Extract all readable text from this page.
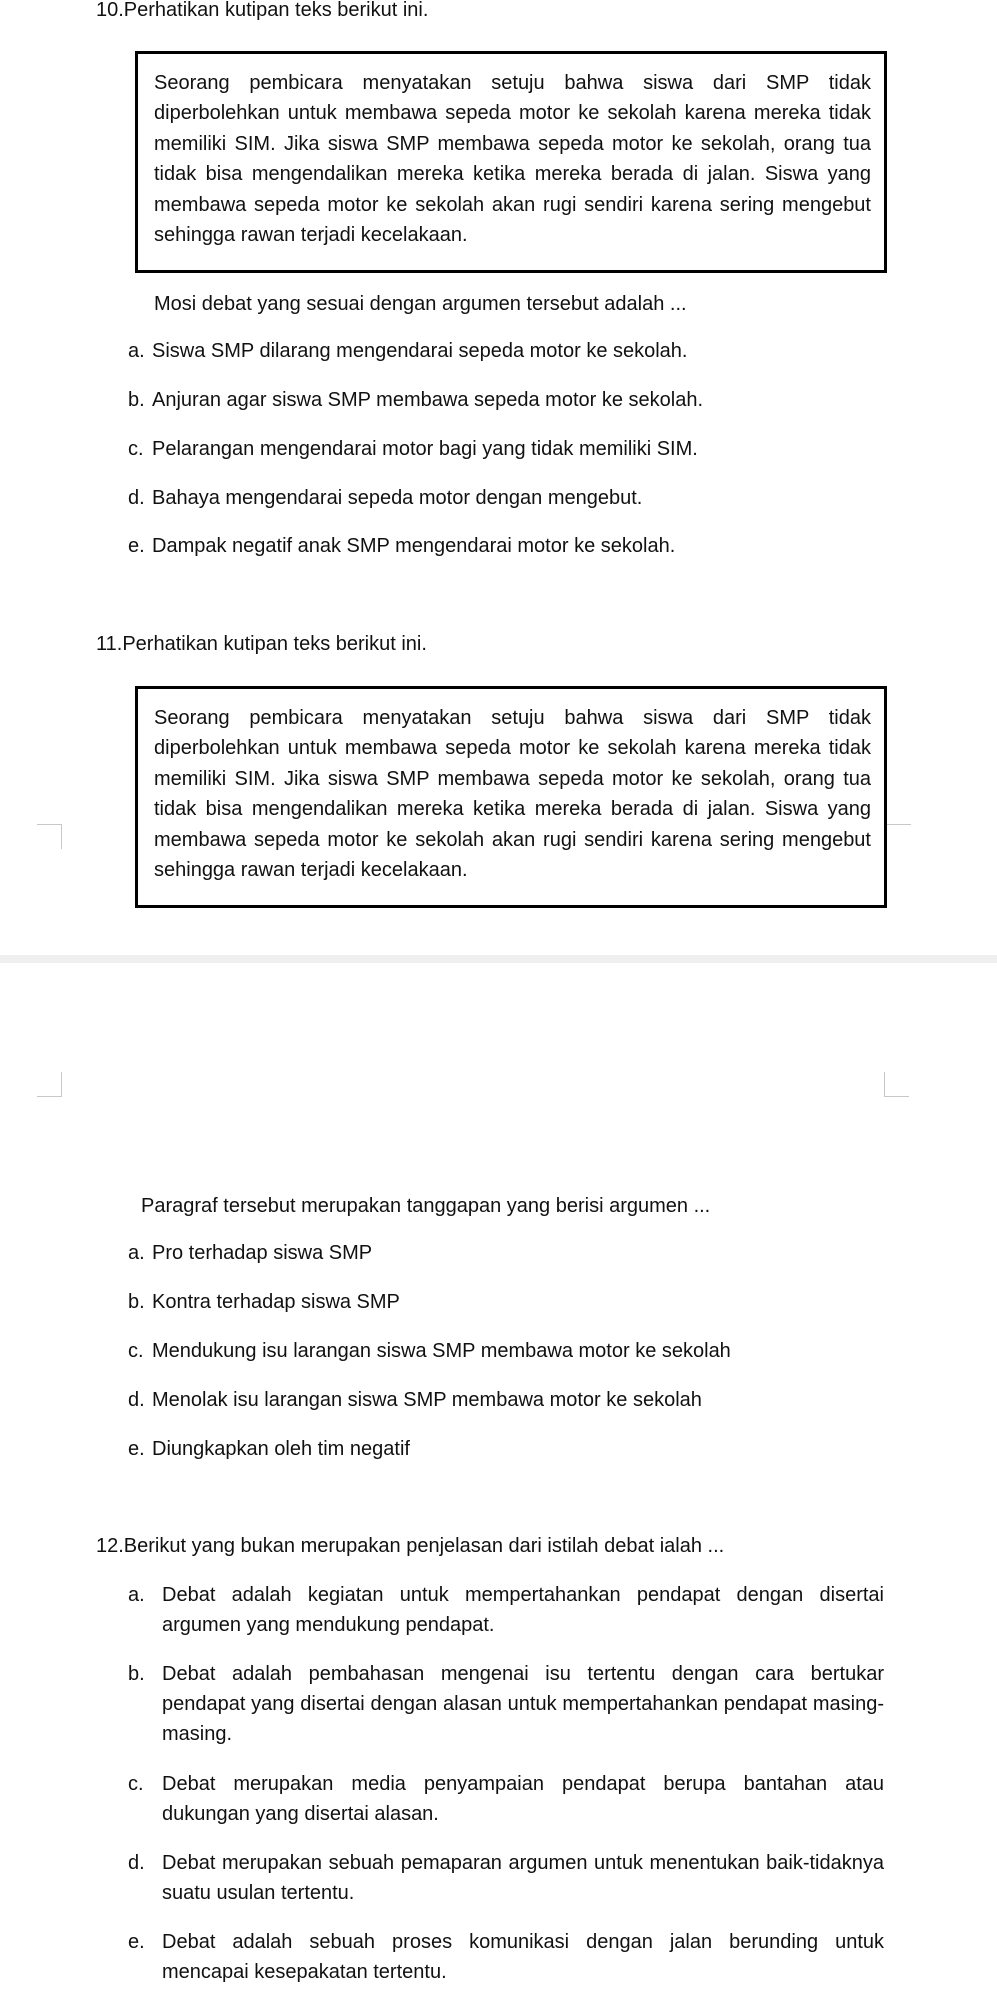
10.Perhatikan kutipan teks berikut ini.
Seorang pembicara menyatakan setuju bahwa siswa dari SMP tidak diperbolehkan untuk membawa sepeda motor ke sekolah karena mereka tidak memiliki SIM. Jika siswa SMP membawa sepeda motor ke sekolah, orang tua tidak bisa mengendalikan mereka ketika mereka berada di jalan. Siswa yang membawa sepeda motor ke sekolah akan rugi sendiri karena sering mengebut sehingga rawan terjadi kecelakaan.
Mosi debat yang sesuai dengan argumen tersebut adalah ...
a. Siswa SMP dilarang mengendarai sepeda motor ke sekolah.
b. Anjuran agar siswa SMP membawa sepeda motor ke sekolah.
c. Pelarangan mengendarai motor bagi yang tidak memiliki SIM.
d. Bahaya mengendarai sepeda motor dengan mengebut.
e. Dampak negatif anak SMP mengendarai motor ke sekolah.
11.Perhatikan kutipan teks berikut ini.
Seorang pembicara menyatakan setuju bahwa siswa dari SMP tidak diperbolehkan untuk membawa sepeda motor ke sekolah karena mereka tidak memiliki SIM. Jika siswa SMP membawa sepeda motor ke sekolah, orang tua tidak bisa mengendalikan mereka ketika mereka berada di jalan. Siswa yang membawa sepeda motor ke sekolah akan rugi sendiri karena sering mengebut sehingga rawan terjadi kecelakaan.
Paragraf tersebut merupakan tanggapan yang berisi argumen ...
a. Pro terhadap siswa SMP
b. Kontra terhadap siswa SMP
c. Mendukung isu larangan siswa SMP membawa motor ke sekolah
d. Menolak isu larangan siswa SMP membawa motor ke sekolah
e. Diungkapkan oleh tim negatif
12.Berikut yang bukan merupakan penjelasan dari istilah debat ialah ...
a. Debat adalah kegiatan untuk mempertahankan pendapat dengan disertai argumen yang mendukung pendapat.
b. Debat adalah pembahasan mengenai isu tertentu dengan cara bertukar pendapat yang disertai dengan alasan untuk mempertahankan pendapat masing- masing.
c. Debat merupakan media penyampaian pendapat berupa bantahan atau dukungan yang disertai alasan.
d. Debat merupakan sebuah pemaparan argumen untuk menentukan baik-tidaknya suatu usulan tertentu.
e. Debat adalah sebuah proses komunikasi dengan jalan berunding untuk mencapai kesepakatan tertentu.
